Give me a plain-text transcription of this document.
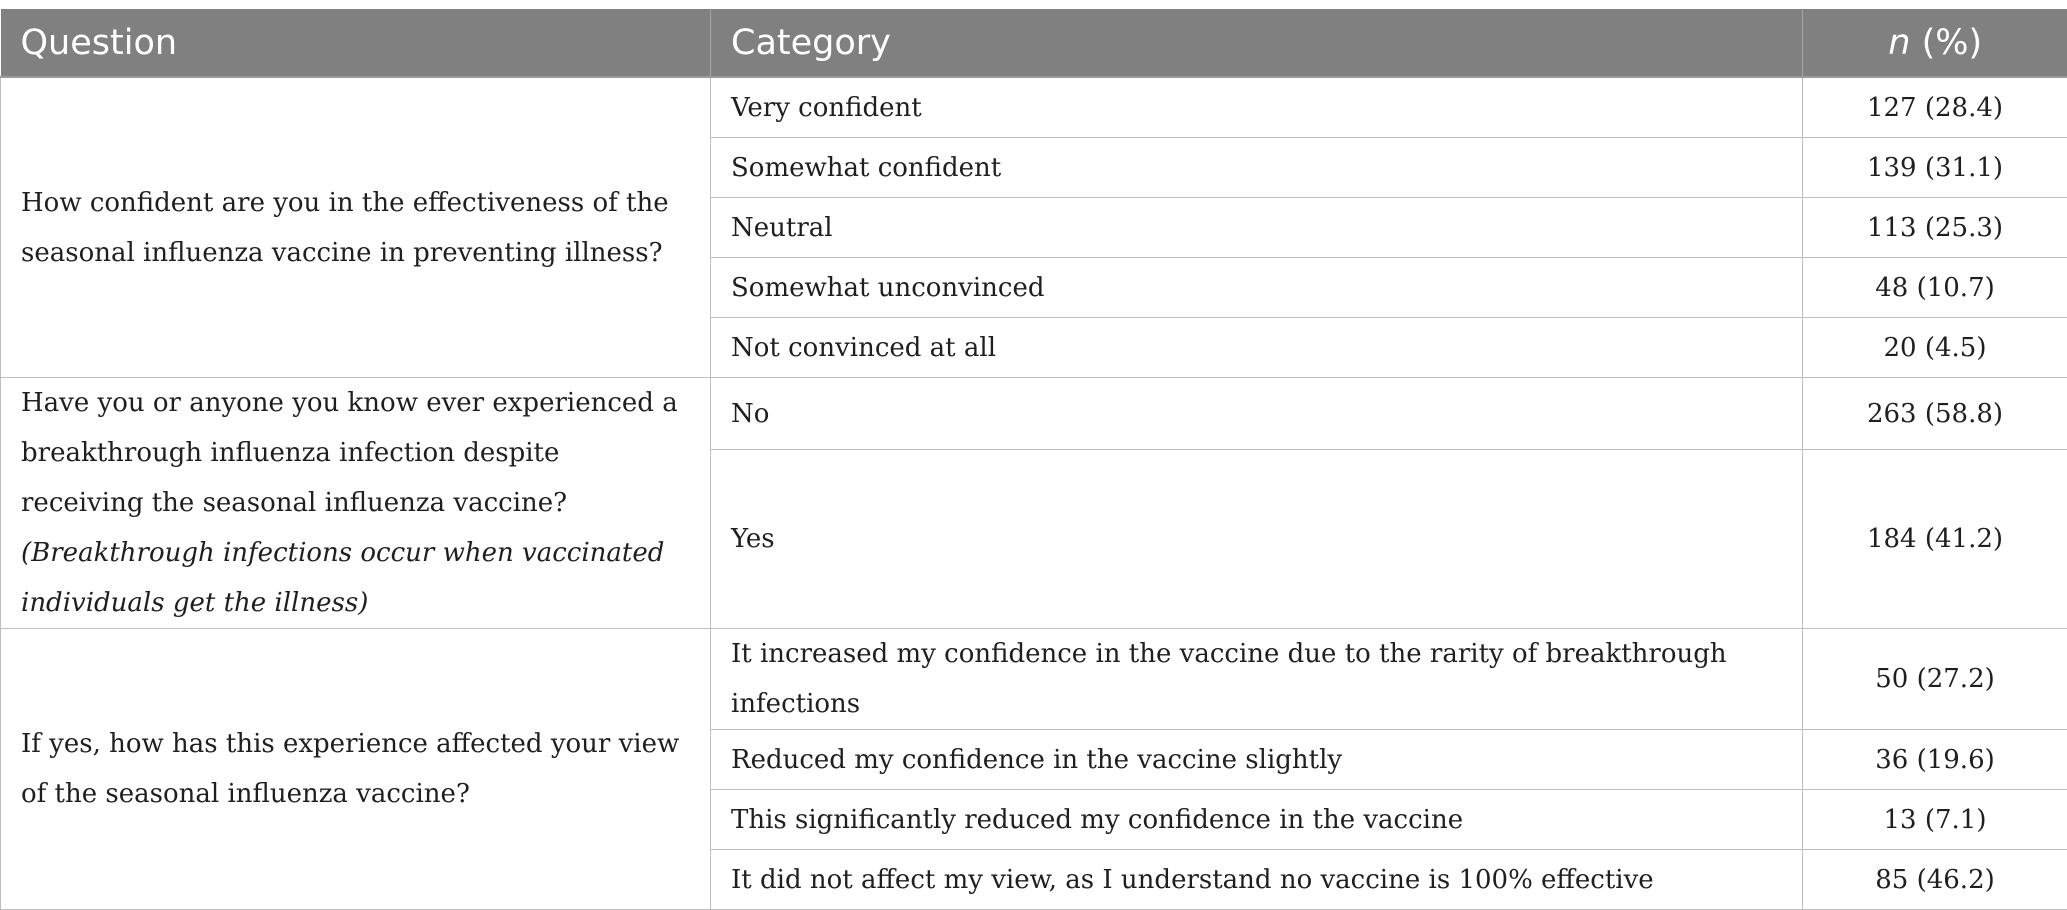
Question	Category	n (%)
How confident are you in the effectiveness of the seasonal influenza vaccine in preventing illness?	Very confident	127 (28.4)
	Somewhat confident	139 (31.1)
	Neutral	113 (25.3)
	Somewhat unconvinced	48 (10.7)
	Not convinced at all	20 (4.5)
Have you or anyone you know ever experienced a breakthrough influenza infection despite receiving the seasonal influenza vaccine? (Breakthrough infections occur when vaccinated individuals get the illness)	No	263 (58.8)
	Yes	184 (41.2)
If yes, how has this experience affected your view of the seasonal influenza vaccine?	It increased my confidence in the vaccine due to the rarity of breakthrough infections	50 (27.2)
	Reduced my confidence in the vaccine slightly	36 (19.6)
	This significantly reduced my confidence in the vaccine	13 (7.1)
	It did not affect my view, as I understand no vaccine is 100% effective	85 (46.2)
